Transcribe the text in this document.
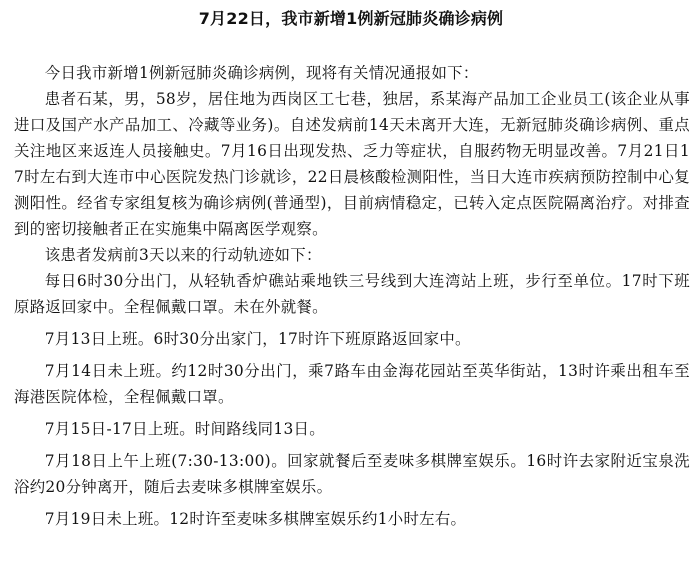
7月22日，我市新增1例新冠肺炎确诊病例

今日我市新增1例新冠肺炎确诊病例，现将有关情况通报如下：

患者石某，男，58岁，居住地为西岗区工七巷，独居，系某海产品加工企业员工(该企业从事进口及国产水产品加工、冷藏等业务)。自述发病前14天未离开大连，无新冠肺炎确诊病例、重点关注地区来返连人员接触史。7月16日出现发热、乏力等症状，自服药物无明显改善。7月21日17时左右到大连市中心医院发热门诊就诊，22日晨核酸检测阳性，当日大连市疾病预防控制中心复测阳性。经省专家组复核为确诊病例(普通型)，目前病情稳定，已转入定点医院隔离治疗。对排查到的密切接触者正在实施集中隔离医学观察。

该患者发病前3天以来的行动轨迹如下：

每日6时30分出门，从轻轨香炉礁站乘地铁三号线到大连湾站上班，步行至单位。17时下班原路返回家中。全程佩戴口罩。未在外就餐。

7月13日上班。6时30分出家门，17时许下班原路返回家中。

7月14日未上班。约12时30分出门，乘7路车由金海花园站至英华街站，13时许乘出租车至海港医院体检，全程佩戴口罩。

7月15日-17日上班。时间路线同13日。

7月18日上午上班(7:30-13:00)。回家就餐后至麦味多棋牌室娱乐。16时许去家附近宝泉洗浴约20分钟离开，随后去麦味多棋牌室娱乐。

7月19日未上班。12时许至麦味多棋牌室娱乐约1小时左右。
